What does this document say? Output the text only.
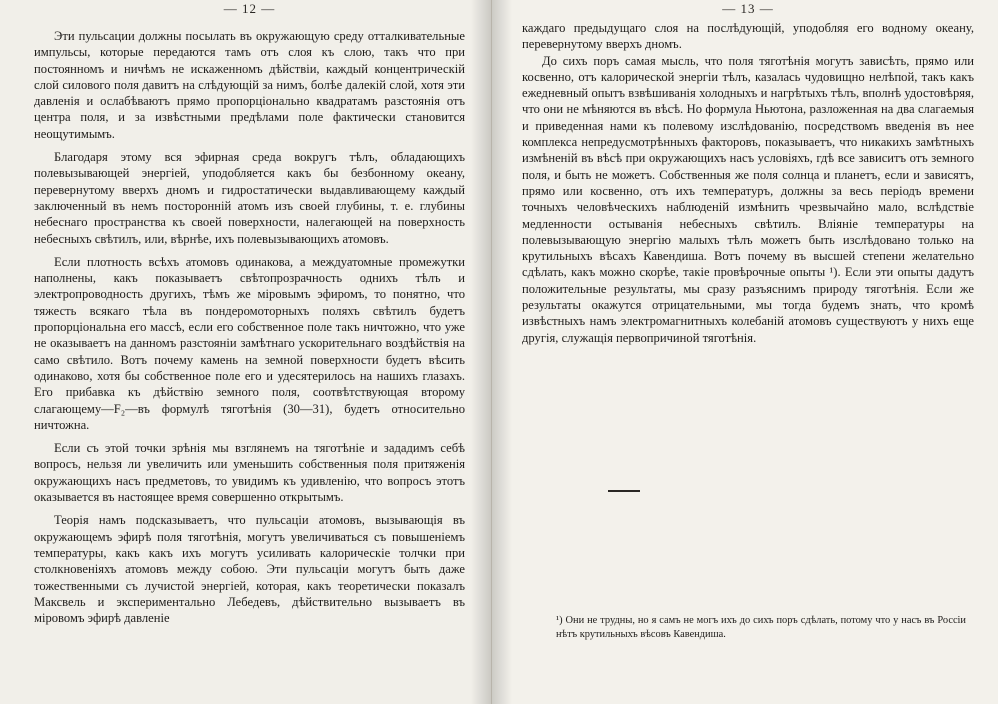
— 12 —

Эти пульсации должны посылать въ окружающую среду отталкивательные импульсы, которые передаются тамъ отъ слоя къ слою, такъ что при постоянномъ и ничѣмъ не искаженномъ дѣйствіи, каждый концентрическій слой силового поля давитъ на слѣдующій за нимъ, болѣе далекій слой, хотя эти давленія и ослабѣваютъ прямо пропорціонально квадратамъ разстоянія отъ центра поля, и за извѣстными предѣлами поле фактически становится неощутимымъ.

Благодаря этому вся эфирная среда вокругъ тѣлъ, обладающихъ полевызывающей энергіей, уподобляется какъ бы безбонному океану, перевернутому вверхъ дномъ и гидростатически выдавливающему каждый заключенный въ немъ посторонній атомъ изъ своей глубины, т. е. глубины небеснаго пространства къ своей поверхности, налегающей на поверхность небесныхъ свѣтилъ, или, вѣрнѣе, ихъ полевызывающихъ атомовъ.

Если плотность всѣхъ атомовъ одинакова, а междуатомные промежутки наполнены, какъ показываетъ свѣтопрозрачность однихъ тѣлъ и электропроводность другихъ, тѣмъ же міровымъ эфиромъ, то понятно, что тяжесть всякаго тѣла въ пондеромоторныхъ поляхъ свѣтилъ будетъ пропорціональна его массѣ, если его собственное поле такъ ничтожно, что уже не оказываетъ на данномъ разстояніи замѣтнаго ускорительнаго воздѣйствія на само свѣтило. Вотъ почему камень на земной поверхности будетъ вѣсить одинаково, хотя бы собственное поле его и удесятерилось на нашихъ глазахъ. Его прибавка къ дѣйствію земного поля, соотвѣтствующая второму слагающему—F₂—въ формулѣ тяготѣнія (30—31), будетъ относительно ничтожна.

Если съ этой точки зрѣнія мы взглянемъ на тяготѣніе и зададимъ себѣ вопросъ, нельзя ли увеличить или уменьшить собственныя поля притяженія окружающихъ насъ предметовъ, то увидимъ къ удивленію, что вопросъ этотъ оказывается въ настоящее время совершенно открытымъ.

Теорія намъ подсказываетъ, что пульсаціи атомовъ, вызывающія въ окружающемъ эфирѣ поля тяготѣнія, могутъ увеличиваться съ повышеніемъ температуры, какъ какъ ихъ могутъ усиливать калорическіе толчки при столкновеніяхъ атомовъ между собою. Эти пульсаціи могутъ быть даже тожественными съ лучистой энергіей, которая, какъ теоретически показалъ Максвель и экспериментально Лебедевъ, дѣйствительно вызываетъ въ міровомъ эфирѣ давленіе

— 13 —

каждаго предыдущаго слоя на послѣдующій, уподобляя его водному океану, перевернутому вверхъ дномъ.

До сихъ поръ самая мысль, что поля тяготѣнія могутъ зависѣть, прямо или косвенно, отъ калорической энергіи тѣлъ, казалась чудовищно нелѣпой, такъ какъ ежедневный опытъ взвѣшиванія холодныхъ и нагрѣтыхъ тѣлъ, вполнѣ удостовѣряя, что они не мѣняются въ вѣсѣ. Но формула Ньютона, разложенная на два слагаемыя и приведенная нами къ полевому изслѣдованію, посредствомъ введенія въ нее комплекса непредусмотрѣнныхъ факторовъ, показываетъ, что никакихъ замѣтныхъ измѣненій въ вѣсѣ при окружающихъ насъ условіяхъ, гдѣ все зависитъ отъ земного поля, и быть не можетъ. Собственныя же поля солнца и планетъ, если и зависятъ, прямо или косвенно, отъ ихъ температуръ, должны за весь періодъ времени точныхъ человѣческихъ наблюденій измѣнить чрезвычайно мало, вслѣдствіе медленности остыванія небесныхъ свѣтилъ. Вліяніе температуры на полевызывающую энергію малыхъ тѣлъ можетъ быть изслѣдовано только на крутильныхъ вѣсахъ Кавендиша. Вотъ почему въ высшей степени желательно сдѣлать, какъ можно скорѣе, такіе провѣрочные опыты ¹). Если эти опыты дадутъ положительные результаты, мы сразу разъяснимъ природу тяготѣнія. Если же результаты окажутся отрицательными, мы тогда будемъ знать, что кромѣ извѣстныхъ намъ электромагнитныхъ колебаній атомовъ существуютъ у нихъ еще другія, служащія первопричиной тяготѣнія.

¹) Они не трудны, но я самъ не могъ ихъ до сихъ поръ сдѣлать, потому что у насъ въ Россіи нѣтъ крутильныхъ вѣсовъ Кавендиша.
